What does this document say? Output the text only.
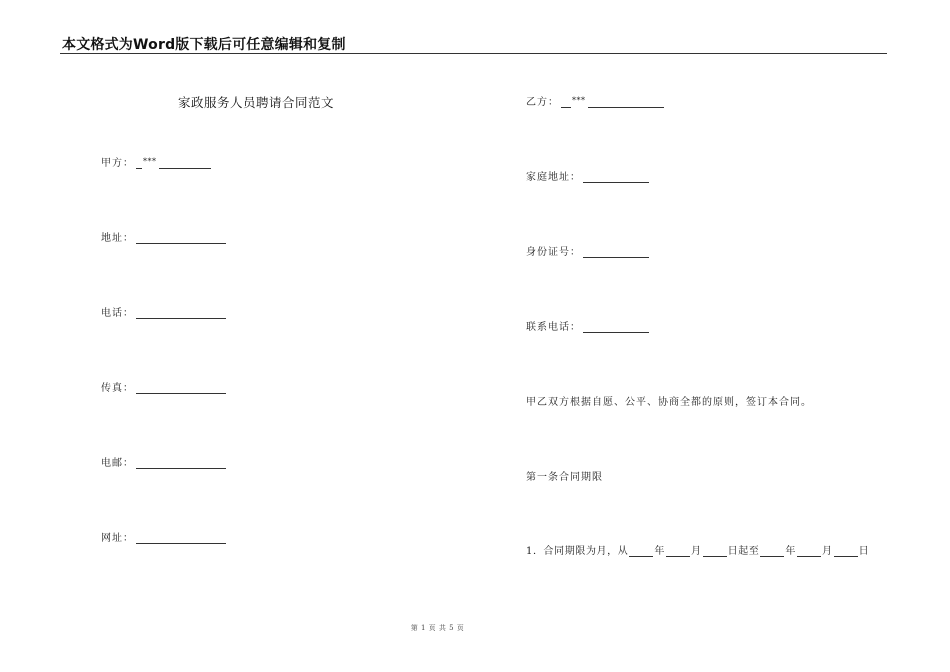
本文格式为Word版下载后可任意编辑和复制
家政服务人员聘请合同范文
甲方： ***
地址：
电话：
传真：
电邮：
网址：
乙方： ***
家庭地址：
身份证号：
联系电话：
甲乙双方根据自愿、公平、协商全都的原则，签订本合同。
第一条合同期限
1．合同期限为月，从	年	月	日起至	年	月	日
第 1 页 共 5 页
